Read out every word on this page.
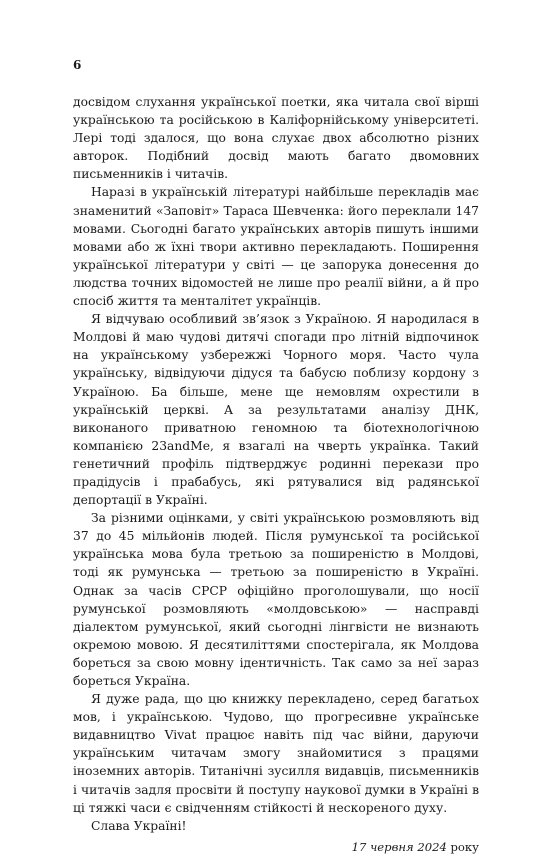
6

досвідом слухання української поетки, яка читала свої вірші українською та російською в Каліфорнійському університеті. Лері тоді здалося, що вона слухає двох абсолютно різних авторок. Подібний досвід мають багато двомовних письменників і читачів.

Наразі в українській літературі найбільше перекладів має знаменитий «Заповіт» Тараса Шевченка: його переклали 147 мовами. Сьогодні багато українських авторів пишуть іншими мовами або ж їхні твори активно перекладають. Поширення української літератури у світі — це запорука донесення до людства точних відомостей не лише про реалії війни, а й про спосіб життя та менталітет українців.

Я відчуваю особливий зв’язок з Україною. Я народилася в Молдові й маю чудові дитячі спогади про літній відпочинок на українському узбережжі Чорного моря. Часто чула українську, відвідуючи дідуся та бабусю поблизу кордону з Україною. Ба більше, мене ще немовлям охрестили в українській церкві. А за результатами аналізу ДНК, виконаного приватною геномною та біотехнологічною компанією 23andMe, я взагалі на чверть українка. Такий генетичний профіль підтверджує родинні перекази про прадідусів і прабабусь, які рятувалися від радянської депортації в Україні.

За різними оцінками, у світі українською розмовляють від 37 до 45 мільйонів людей. Після румунської та російської українська мова була третьою за поширеністю в Молдові, тоді як румунська — третьою за поширеністю в Україні. Однак за часів СРСР офіційно проголошували, що носії румунської розмовляють «молдовською» — насправді діалектом румунської, який сьогодні лінгвісти не визнають окремою мовою. Я десятиліттями спостерігала, як Молдова бореться за свою мовну ідентичність. Так само за неї зараз бореться Україна.

Я дуже рада, що цю книжку перекладено, серед багатьох мов, і українською. Чудово, що прогресивне українське видавництво Vivat працює навіть під час війни, даруючи українським читачам змогу знайомитися з працями іноземних авторів. Титанічні зусилля видавців, письменників і читачів задля просвіти й поступу наукової думки в Україні в ці тяжкі часи є свідченням стійкості й нескореного духу.

Слава Україні!

17 червня 2024 року
